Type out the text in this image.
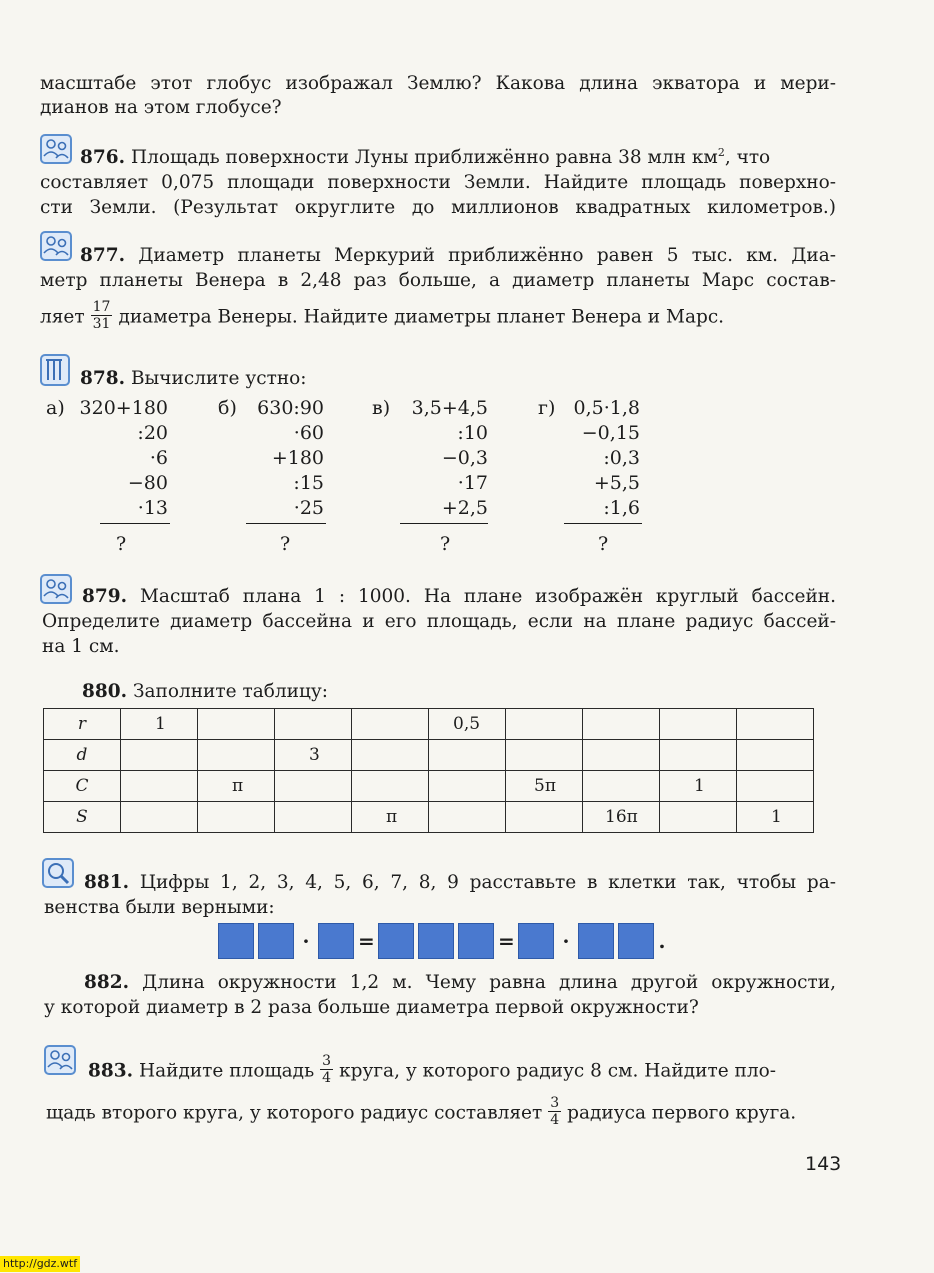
масштабе этот глобус изображал Землю? Какова длина экватора и мери-
дианов на этом глобусе?
876. Площадь поверхности Луны приближённо равна 38 млн $км^2$, что
составляет 0,075 площади поверхности Земли. Найдите площадь поверхно-
сти Земли. (Результат округлите до миллионов квадратных километров.)
877. Диаметр планеты Меркурий приближённо равен 5 тыс. км. Диа-
метр планеты Венера в 2,48 раз больше, а диаметр планеты Марс состав-
ляет $\frac{17}{31}$ диаметра Венеры. Найдите диаметры планет Венера и Марс.
878. Вычислите устно:
а) 320+180
:20
·6
−80
·13
?
б) 630:90
·60
+180
:15
·25
?
в) 3,5+4,5
:10
−0,3
·17
+2,5
?
г) 0,5·1,8
−0,15
:0,3
+5,5
:1,6
?
879. Масштаб плана 1 : 1000. На плане изображён круглый бассейн.
Определите диаметр бассейна и его площадь, если на плане радиус бассей-
на 1 см.
880. Заполните таблицу:
r	1				0,5				
d			3						
C		π				5π		1	
S				π			16π		1
881. Цифры 1, 2, 3, 4, 5, 6, 7, 8, 9 расставьте в клетки так, чтобы ра-
венства были верными:
· =	= ·	.
882. Длина окружности 1,2 м. Чему равна длина другой окружности,
у которой диаметр в 2 раза больше диаметра первой окружности?
883. Найдите площадь $\frac{3}{4}$ круга, у которого радиус 8 см. Найдите пло-
щадь второго круга, у которого радиус составляет $\frac{3}{4}$ радиуса первого круга.
143
http://gdz.wtf
